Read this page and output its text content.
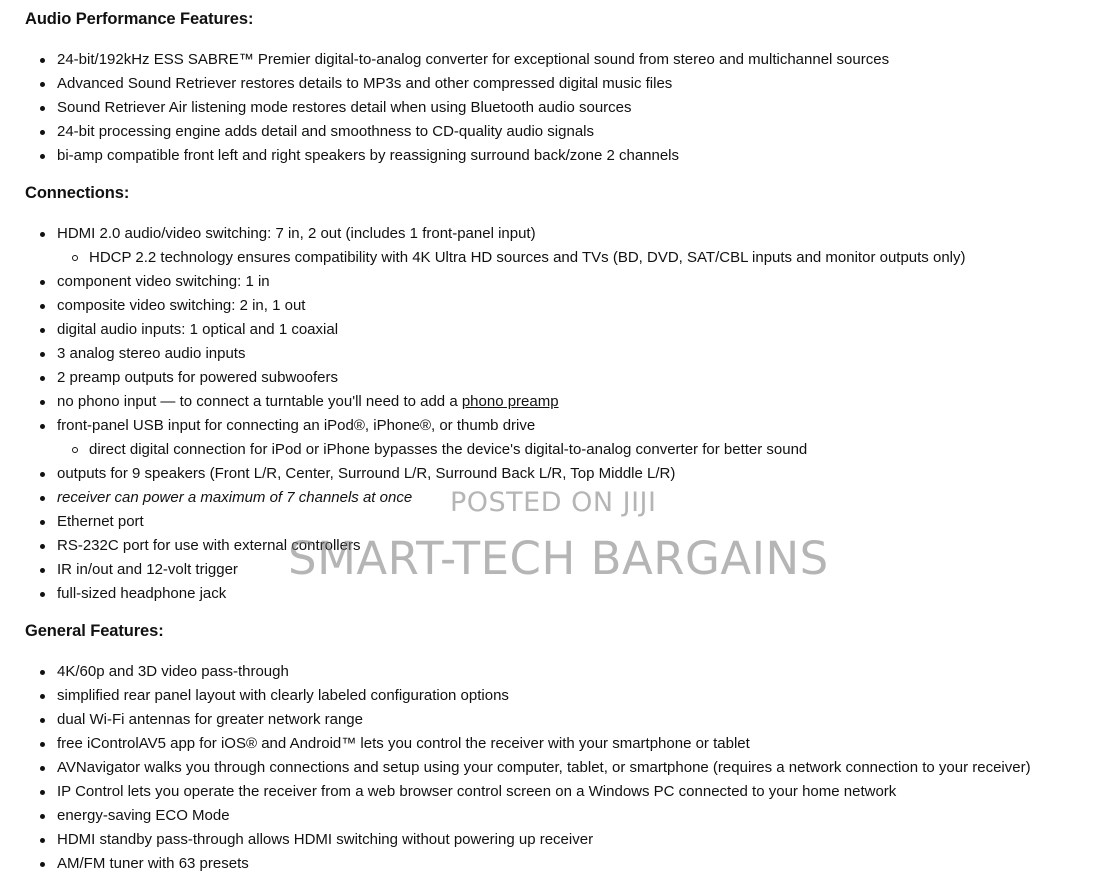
Audio Performance Features:
24-bit/192kHz ESS SABRE™ Premier digital-to-analog converter for exceptional sound from stereo and multichannel sources
Advanced Sound Retriever restores details to MP3s and other compressed digital music files
Sound Retriever Air listening mode restores detail when using Bluetooth audio sources
24-bit processing engine adds detail and smoothness to CD-quality audio signals
bi-amp compatible front left and right speakers by reassigning surround back/zone 2 channels
Connections:
HDMI 2.0 audio/video switching: 7 in, 2 out (includes 1 front-panel input)
HDCP 2.2 technology ensures compatibility with 4K Ultra HD sources and TVs (BD, DVD, SAT/CBL inputs and monitor outputs only)
component video switching: 1 in
composite video switching: 2 in, 1 out
digital audio inputs: 1 optical and 1 coaxial
3 analog stereo audio inputs
2 preamp outputs for powered subwoofers
no phono input — to connect a turntable you'll need to add a phono preamp
front-panel USB input for connecting an iPod®, iPhone®, or thumb drive
direct digital connection for iPod or iPhone bypasses the device's digital-to-analog converter for better sound
outputs for 9 speakers (Front L/R, Center, Surround L/R, Surround Back L/R, Top Middle L/R)
receiver can power a maximum of 7 channels at once
Ethernet port
RS-232C port for use with external controllers
IR in/out and 12-volt trigger
full-sized headphone jack
General Features:
4K/60p and 3D video pass-through
simplified rear panel layout with clearly labeled configuration options
dual Wi-Fi antennas for greater network range
free iControlAV5 app for iOS® and Android™ lets you control the receiver with your smartphone or tablet
AVNavigator walks you through connections and setup using your computer, tablet, or smartphone (requires a network connection to your receiver)
IP Control lets you operate the receiver from a web browser control screen on a Windows PC connected to your home network
energy-saving ECO Mode
HDMI standby pass-through allows HDMI switching without powering up receiver
AM/FM tuner with 63 presets
POSTED ON JIJI
SMART-TECH BARGAINS
